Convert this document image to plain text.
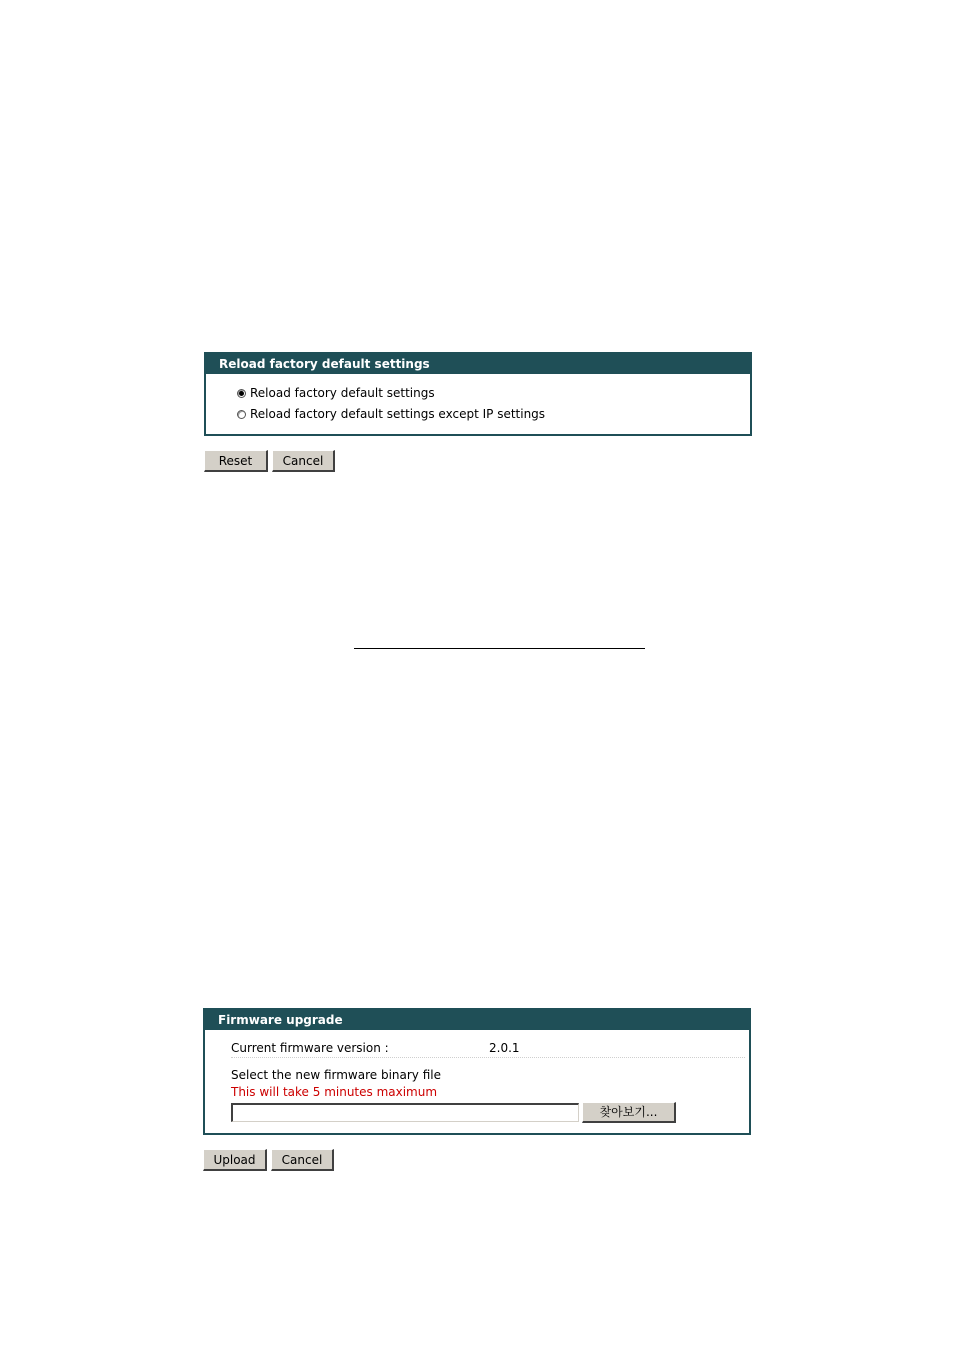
Reload factory default settings
Reload factory default settings
Reload factory default settings except IP settings
Reset	Cancel
Firmware upgrade
Current firmware version :	2.0.1
Select the new firmware binary file
This will take 5 minutes maximum
찾아보기...
Upload	Cancel
